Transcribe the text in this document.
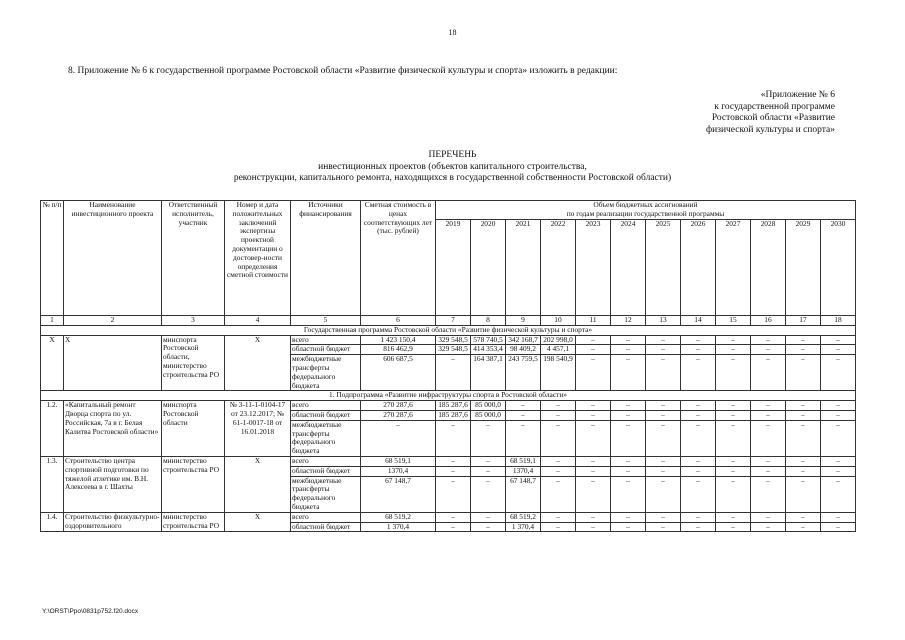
18
8. Приложение № 6 к государственной программе Ростовской области «Развитие физической культуры и спорта» изложить в редакции:
«Приложение № 6
к государственной программе
Ростовской области «Развитие
физической культуры и спорта»
ПЕРЕЧЕНЬ
инвестиционных проектов (объектов капитального строительства,
реконструкции, капитального ремонта, находящихся в государственной собственности Ростовской области)
№ п/п	Наименование инвестиционного проекта	Ответственный исполнитель, участник	Номер и дата положительных заключений экспертизы проектной документации о достовер-ности определения сметной стоимости	Источники финансирования	Сметная стоимость в ценах соответствующих лет (тыс. рублей)	Объем бюджетных ассигнований
по годам реализации государственной программы											

						2019	2020	2021	2022	2023	2024	2025	2026	2027	2028	2029	2030
1	2	3	4	5	6	7	8	9	10	11	12	13	14	15	16	17	18
Государственная программа Ростовской области «Развитие физической культуры и спорта»																	
Х	Х	минспорта Ростовской области, министерство строительства РО	Х	всего	1 423 150,4	329 548,5	578 740,5	342 168,7	202 998,0	–	–	–	–	–	–	–	–
				областной бюджет	816 462,9	329 548,5	414 353,4	98 409,2	4 457,1	–	–	–	–	–	–	–	–
				межбюджетные трансферты федерального бюджета	606 687,5	–	164 387,1	243 759,5	198 540,9	–	–	–	–	–	–	–	–
1. Подпрограмма «Развитие инфраструктуры спорта в Ростовской области»																	
1.2.	«Капитальный ремонт Дворца спорта по ул. Российская, 7а в г. Белая Калитва Ростовской области»	минспорта Ростовской области	№ 3-11-1-0104-17 от 23.12.2017; № 61-1-0017-18 от 16.01.2018	всего	270 287,6	185 287,6	85 000,0	–	–	–	–	–	–	–	–	–	–
				областной бюджет	270 287,6	185 287,6	85 000,0	–	–	–	–	–	–	–	–	–	–
				межбюджетные трансферты федерального бюджета	–	–	–	–	–	–	–	–	–	–	–	–	–
1.3.	Строительство центра спортивной подготовки по тяжелой атлетике им. В.Н. Алексеева в г. Шахты	министерство строительства РО	Х	всего	68 519,1	–	–	68 519,1	–	–	–	–	–	–	–	–	–
				областной бюджет	1370,4	–	–	1370,4	–	–	–	–	–	–	–	–	–
				межбюджетные трансферты федерального бюджета	67 148,7	–	–	67 148,7	–	–	–	–	–	–	–	–	–
1.4.	Строительство физкультурно-оздоровительного	министерство строительства РО	Х	всего	68 519,2	–	–	68 519,2	–	–	–	–	–	–	–	–	–
				областной бюджет	1 370,4	–	–	1 370,4	–	–	–	–	–	–	–	–	–
Y:\ORST\Ppo\0831p752.f20.docx
